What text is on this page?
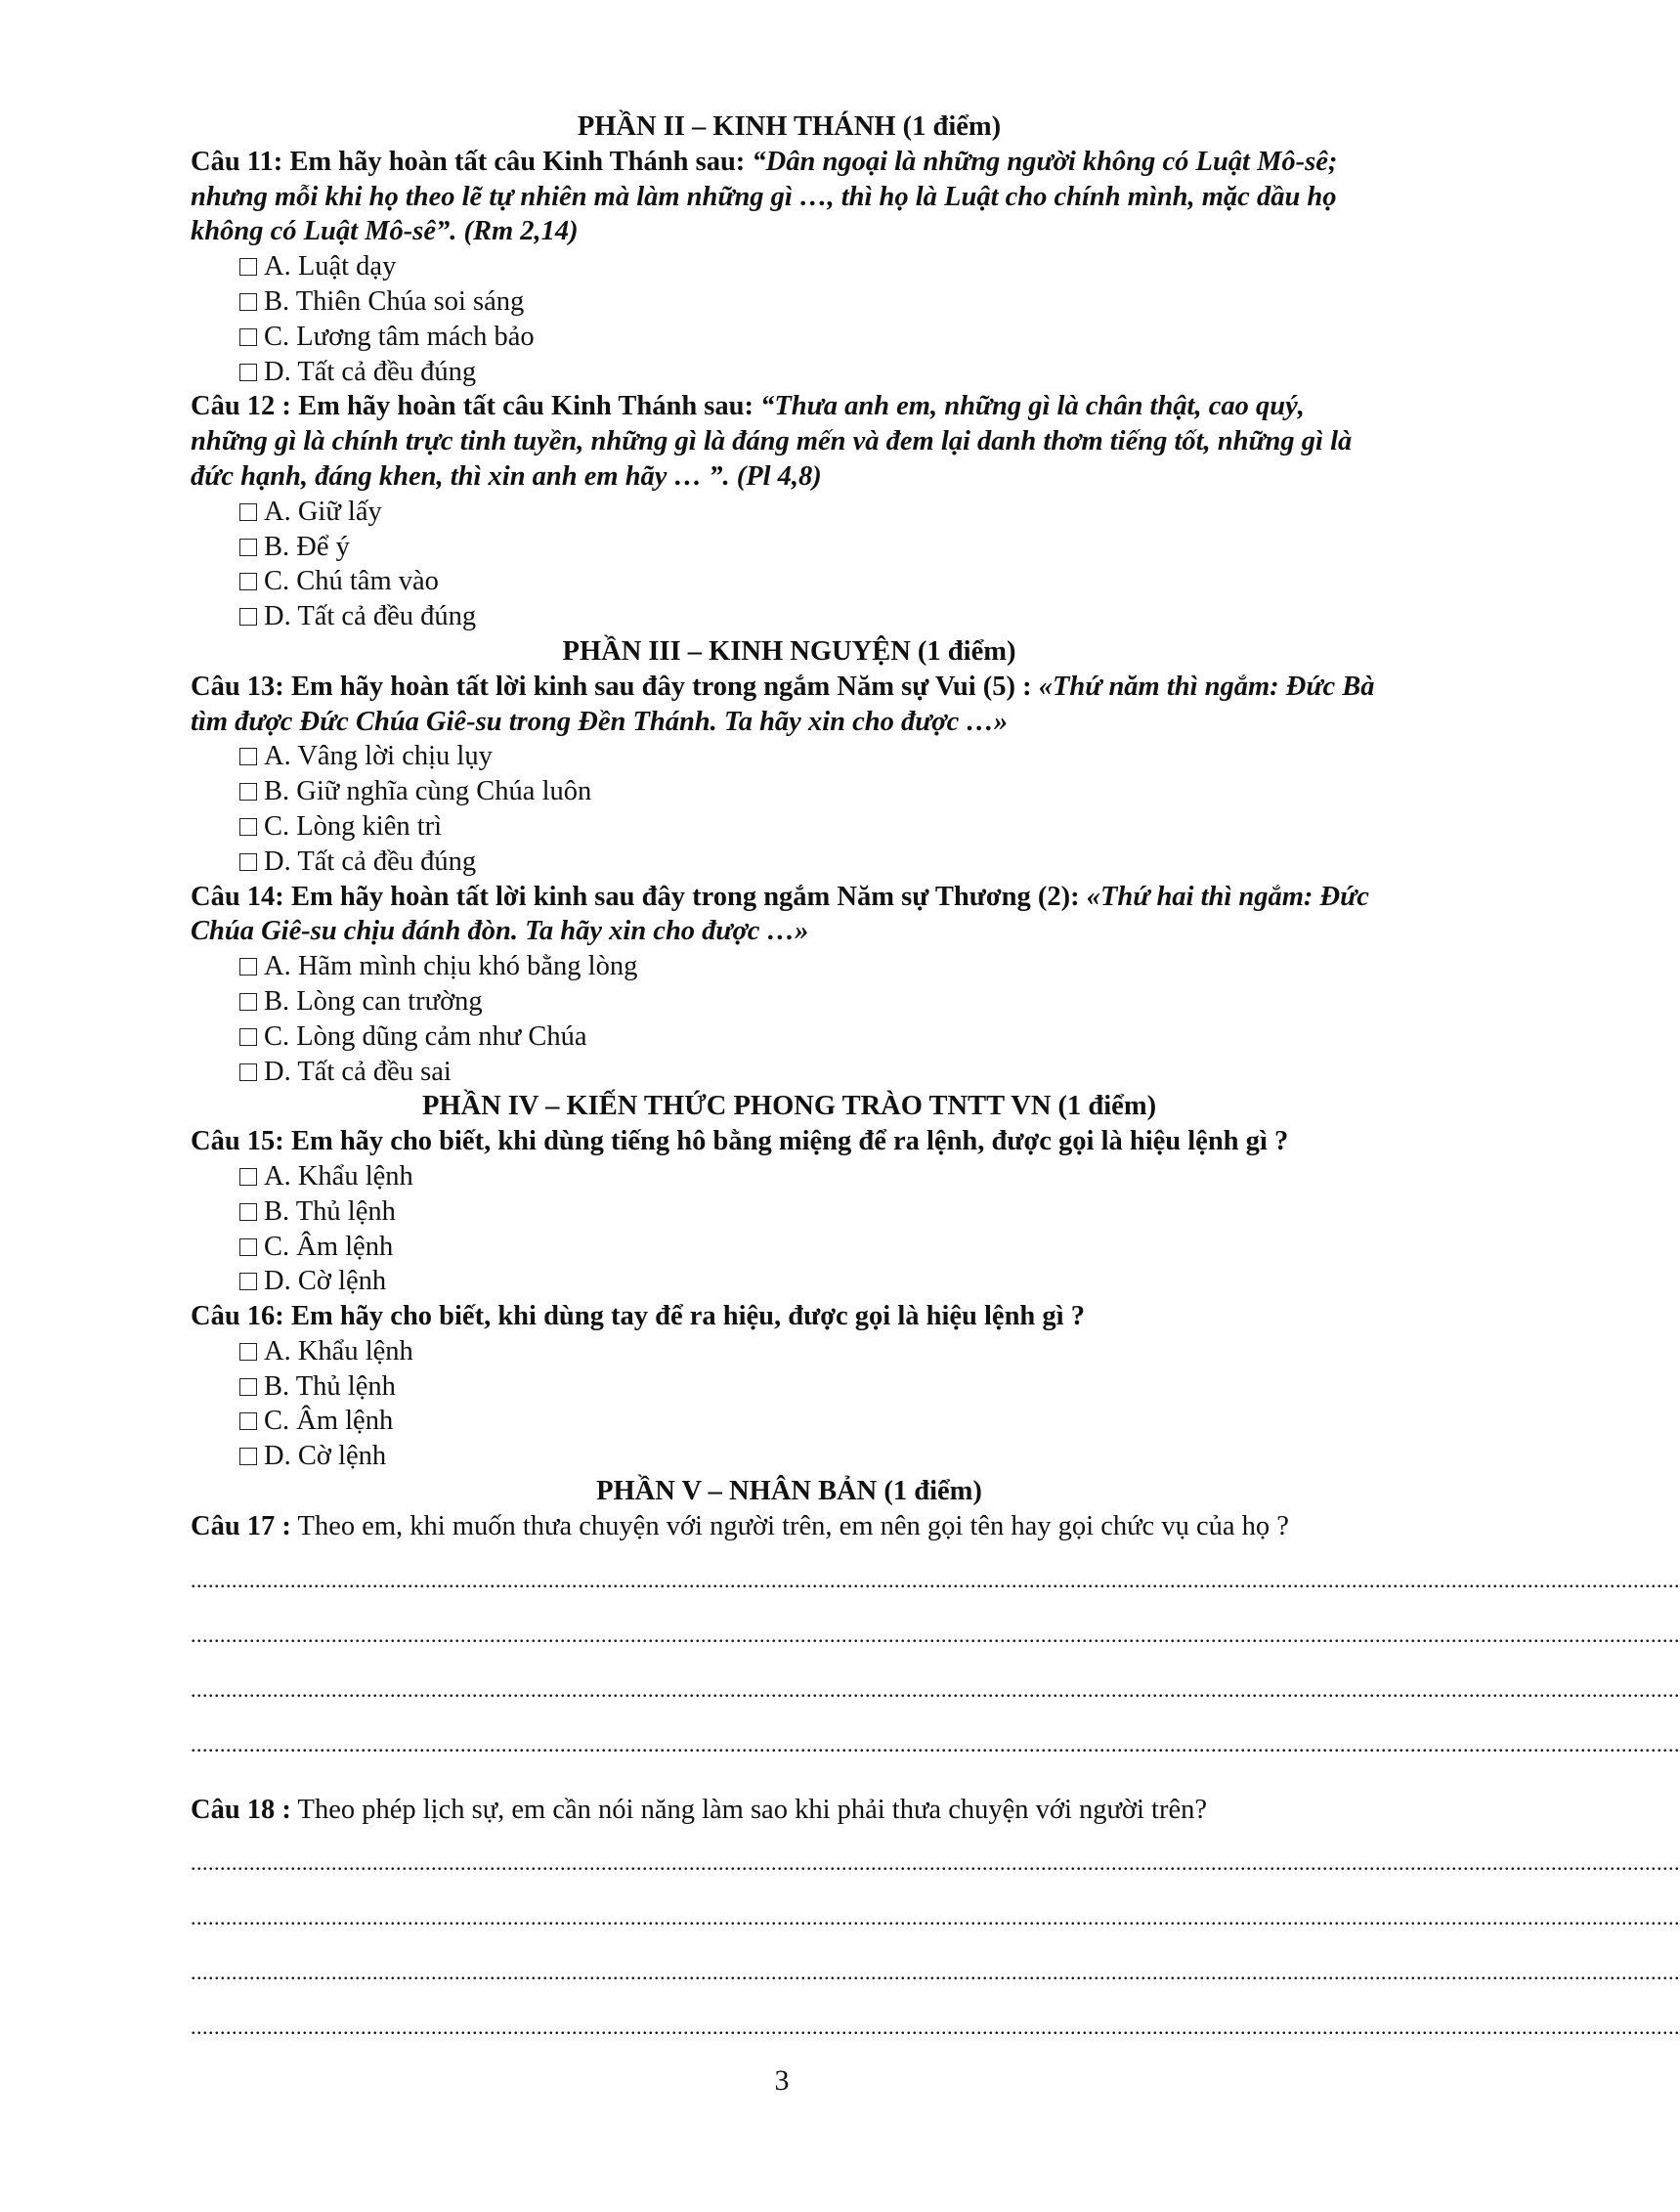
PHẦN II – KINH THÁNH (1 điểm)

Câu 11: Em hãy hoàn tất câu Kinh Thánh sau: “Dân ngoại là những người không có Luật Mô-sê; nhưng mỗi khi họ theo lẽ tự nhiên mà làm những gì …, thì họ là Luật cho chính mình, mặc dầu họ không có Luật Mô-sê”. (Rm 2,14)

A. Luật dạy
B. Thiên Chúa soi sáng
C. Lương tâm mách bảo
D. Tất cả đều đúng

Câu 12 : Em hãy hoàn tất câu Kinh Thánh sau: “Thưa anh em, những gì là chân thật, cao quý, những gì là chính trực tinh tuyền, những gì là đáng mến và đem lại danh thơm tiếng tốt, những gì là đức hạnh, đáng khen, thì xin anh em hãy … ”. (Pl 4,8)

A. Giữ lấy
B. Để ý
C. Chú tâm vào
D. Tất cả đều đúng

PHẦN III – KINH NGUYỆN (1 điểm)

Câu 13: Em hãy hoàn tất lời kinh sau đây trong ngắm Năm sự Vui (5) : «Thứ năm thì ngắm: Đức Bà tìm được Đức Chúa Giê-su trong Đền Thánh. Ta hãy xin cho được …»

A. Vâng lời chịu lụy
B. Giữ nghĩa cùng Chúa luôn
C. Lòng kiên trì
D. Tất cả đều đúng

Câu 14: Em hãy hoàn tất lời kinh sau đây trong ngắm Năm sự Thương (2): «Thứ hai thì ngắm: Đức Chúa Giê-su chịu đánh đòn. Ta hãy xin cho được …»

A. Hãm mình chịu khó bằng lòng
B. Lòng can trường
C. Lòng dũng cảm như Chúa
D. Tất cả đều sai

PHẦN IV – KIẾN THỨC PHONG TRÀO TNTT VN (1 điểm)

Câu 15: Em hãy cho biết, khi dùng tiếng hô bằng miệng để ra lệnh, được gọi là hiệu lệnh gì ?

A. Khẩu lệnh
B. Thủ lệnh
C. Âm lệnh
D. Cờ lệnh

Câu 16: Em hãy cho biết, khi dùng tay để ra hiệu, được gọi là hiệu lệnh gì ?

A. Khẩu lệnh
B. Thủ lệnh
C. Âm lệnh
D. Cờ lệnh

PHẦN V – NHÂN BẢN (1 điểm)

Câu 17 : Theo em, khi muốn thưa chuyện với người trên, em nên gọi tên hay gọi chức vụ của họ ?

..............................................................................................................................................................................................................................................................
..............................................................................................................................................................................................................................................................
..............................................................................................................................................................................................................................................................
..............................................................................................................................................................................................................................................................

Câu 18 : Theo phép lịch sự, em cần nói năng làm sao khi phải thưa chuyện với người trên?

..............................................................................................................................................................................................................................................................
..............................................................................................................................................................................................................................................................
..............................................................................................................................................................................................................................................................
..............................................................................................................................................................................................................................................................
3
